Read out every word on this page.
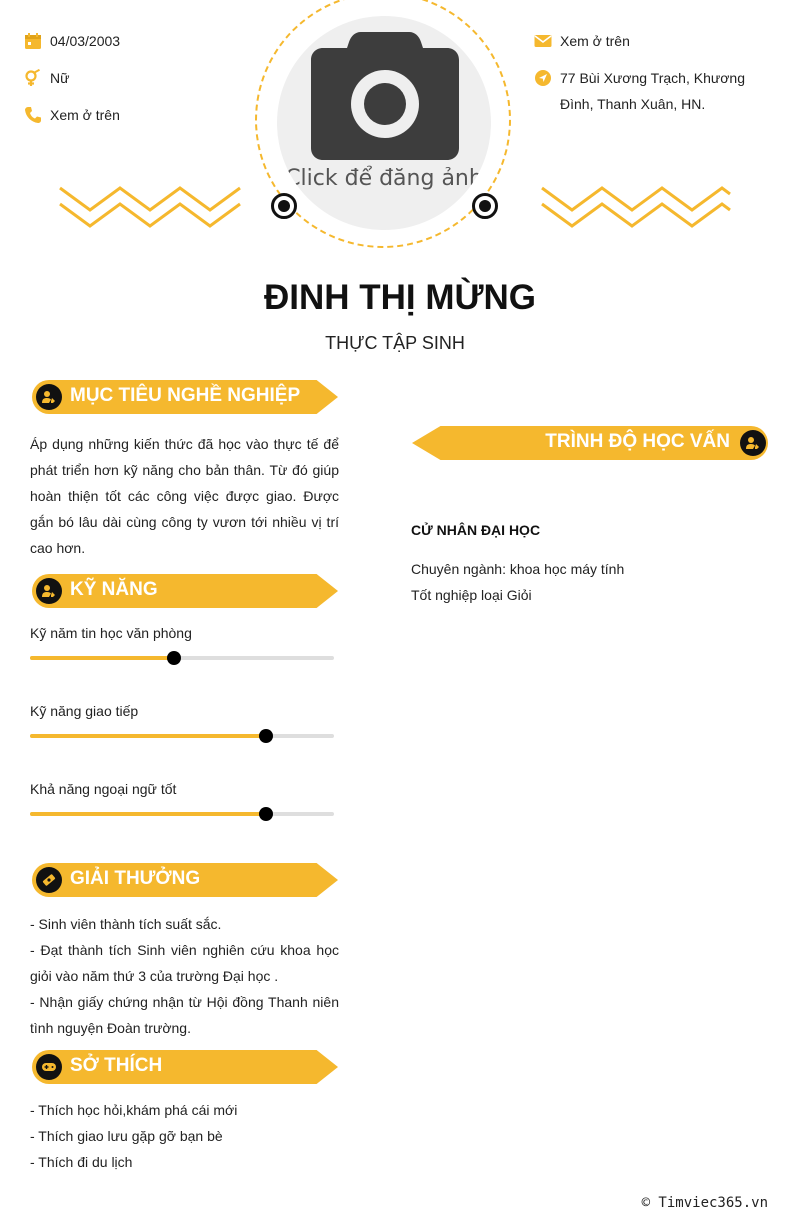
04/03/2003
Nữ
Xem ở trên
Xem ở trên
77 Bùi Xương Trạch, Khương Đình, Thanh Xuân, HN.
Click để đăng ảnh
ĐINH THỊ MỪNG
THỰC TẬP SINH
MỤC TIÊU NGHỀ NGHIỆP
Áp dụng những kiến thức đã học vào thực tế để phát triển hơn kỹ năng cho bản thân. Từ đó giúp hoàn thiện tốt các công việc được giao. Được gắn bó lâu dài cùng công ty vươn tới nhiều vị trí cao hơn.
KỸ NĂNG
Kỹ năm tin học văn phòng
Kỹ năng giao tiếp
Khả năng ngoại ngữ tốt
GIẢI THƯỞNG
- Sinh viên thành tích suất sắc.
- Đạt thành tích Sinh viên nghiên cứu khoa học giỏi vào năm thứ 3 của trường Đại học .
- Nhận giấy chứng nhận từ Hội đồng Thanh niên tình nguyện Đoàn trường.
SỞ THÍCH
- Thích học hỏi,khám phá cái mới
- Thích giao lưu gặp gỡ bạn bè
- Thích đi du lịch
TRÌNH ĐỘ HỌC VẤN
CỬ NHÂN ĐẠI HỌC
Chuyên ngành: khoa học máy tính
Tốt nghiệp loại Giỏi
© Timviec365.vn
